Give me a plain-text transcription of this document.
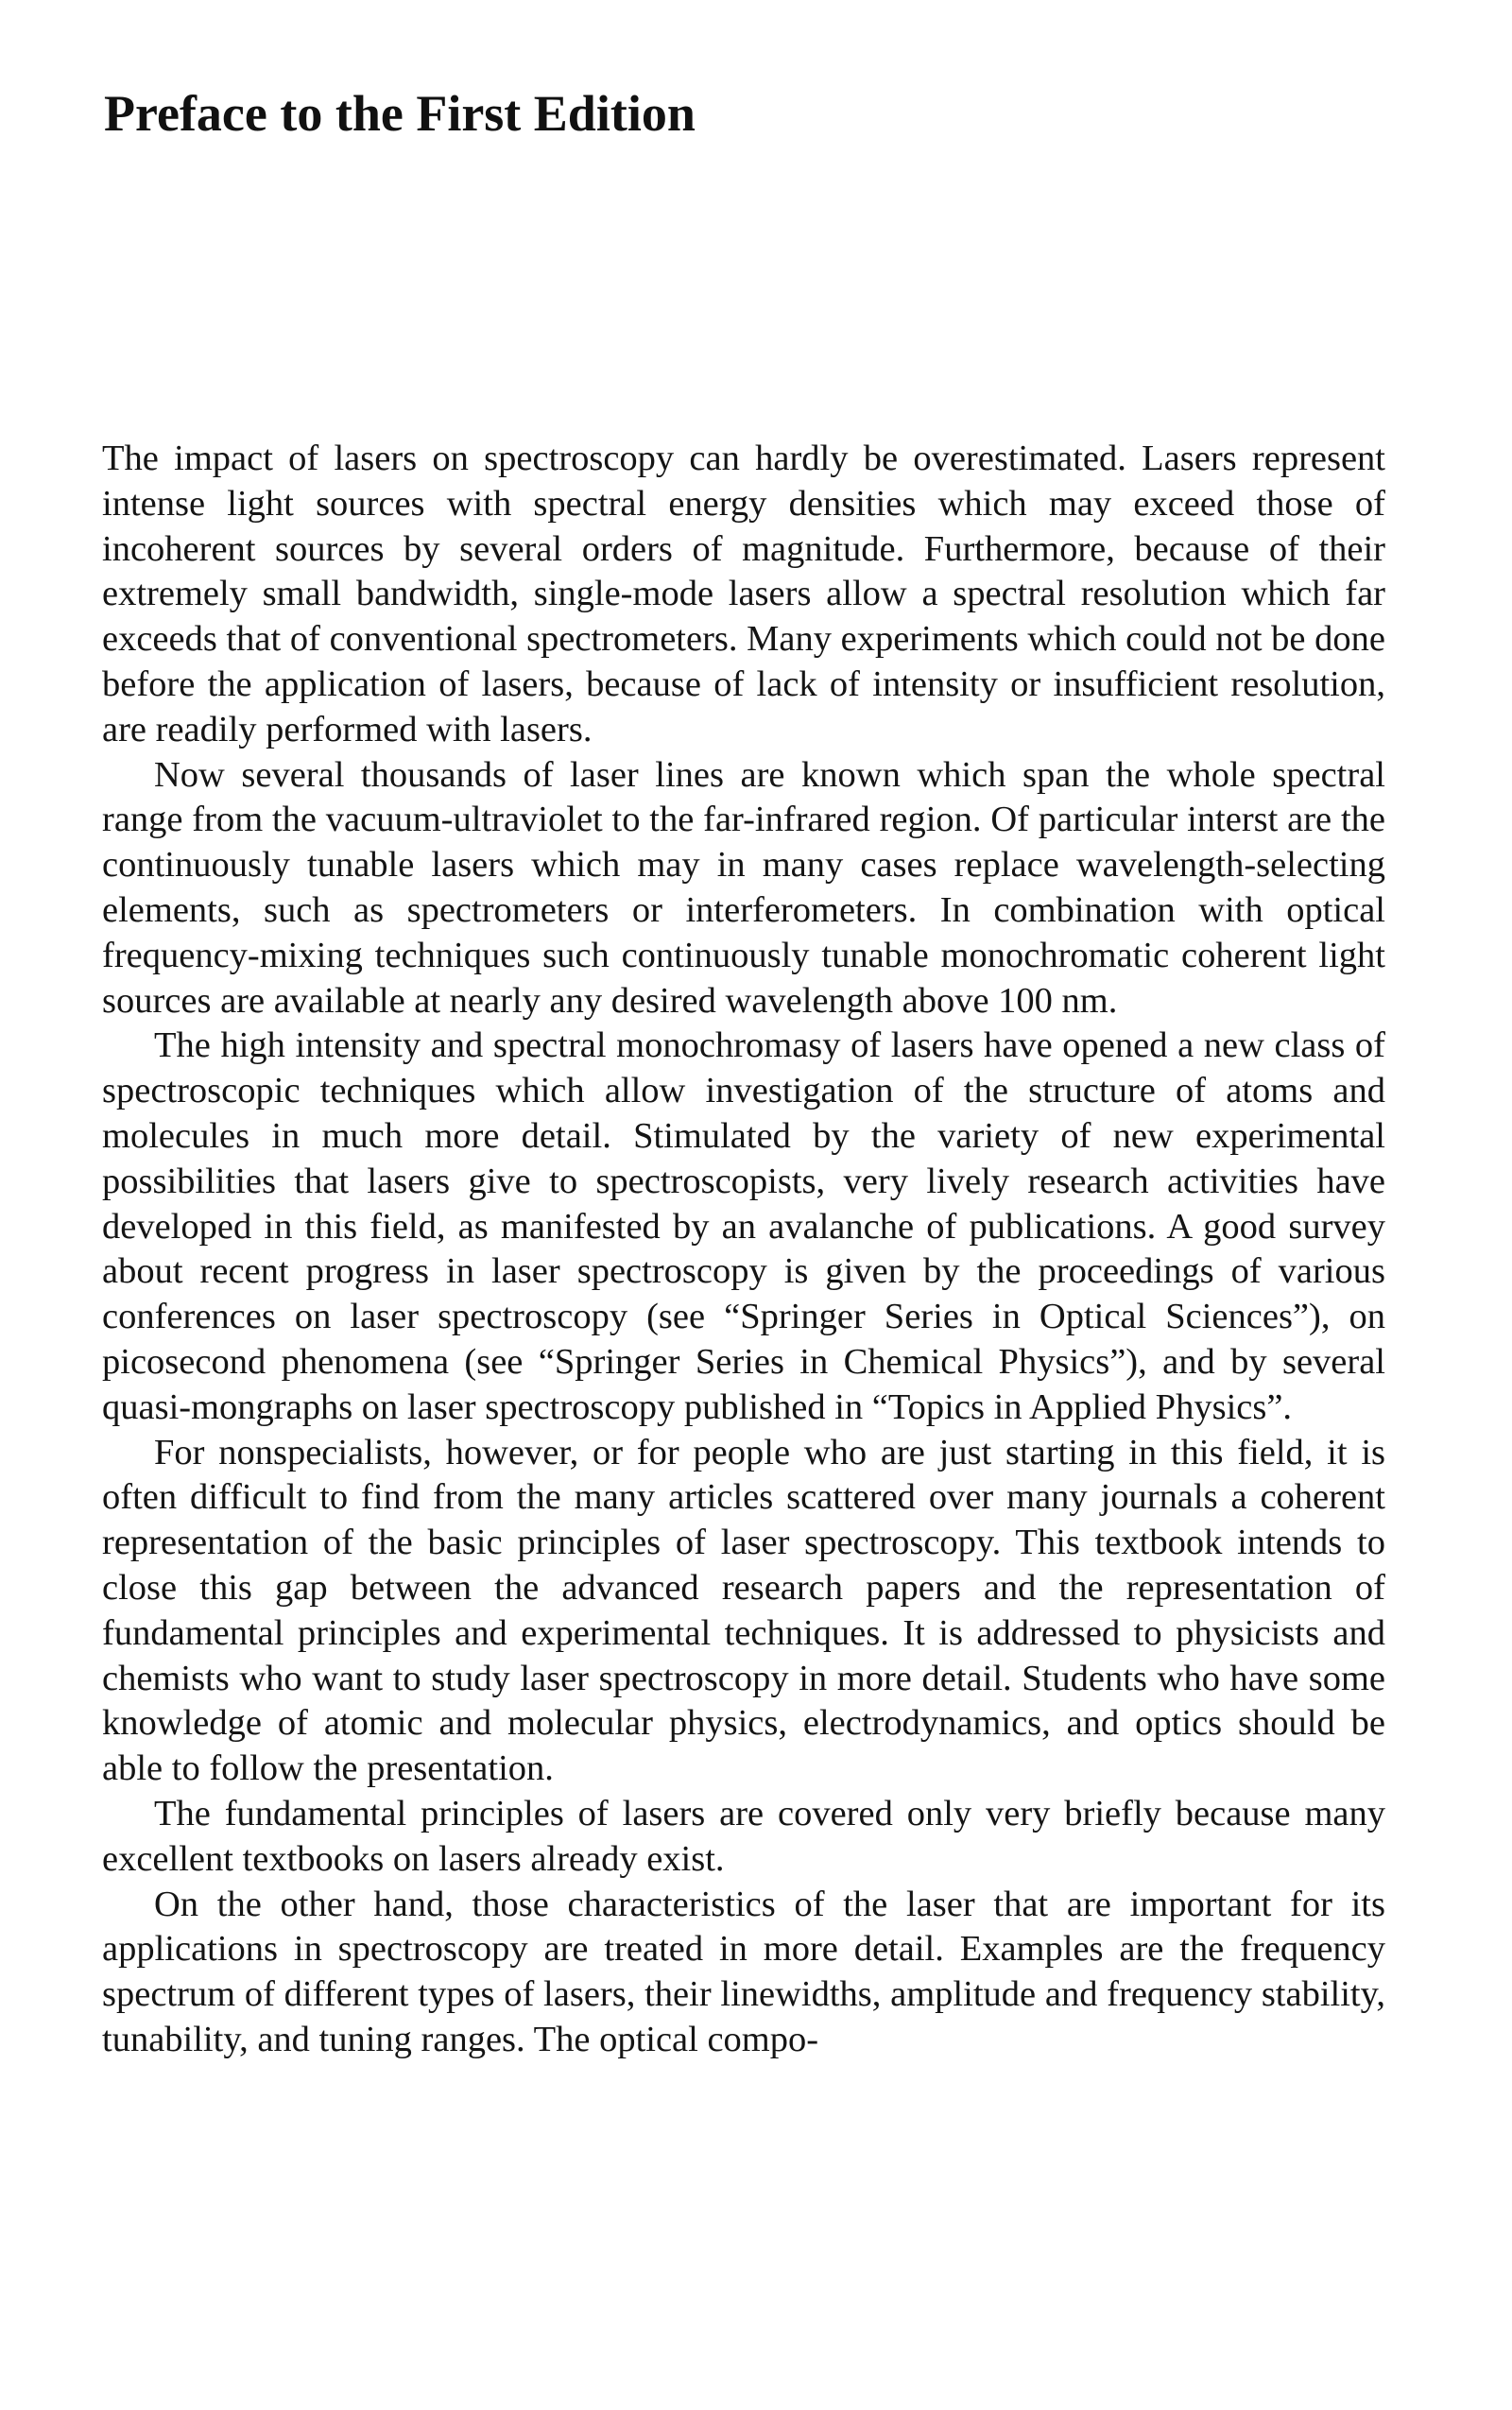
Preface to the First Edition

The impact of lasers on spectroscopy can hardly be overestimated. Lasers represent intense light sources with spectral energy densities which may exceed those of incoherent sources by several orders of magnitude. Furthermore, because of their extremely small bandwidth, single-mode lasers allow a spectral resolution which far exceeds that of conventional spectrometers. Many experiments which could not be done before the application of lasers, because of lack of intensity or insufficient resolution, are readily performed with lasers.

Now several thousands of laser lines are known which span the whole spectral range from the vacuum-ultraviolet to the far-infrared region. Of particular interst are the continuously tunable lasers which may in many cases replace wavelength-selecting elements, such as spectrometers or interferometers. In combination with optical frequency-mixing techniques such continuously tunable monochromatic coherent light sources are available at nearly any desired wavelength above 100 nm.

The high intensity and spectral monochromasy of lasers have opened a new class of spectroscopic techniques which allow investigation of the structure of atoms and molecules in much more detail. Stimulated by the variety of new experimental possibilities that lasers give to spectroscopists, very lively research activities have developed in this field, as manifested by an avalanche of publications. A good survey about recent progress in laser spectroscopy is given by the proceedings of various conferences on laser spectroscopy (see “Springer Series in Optical Sciences”), on picosecond phenomena (see “Springer Series in Chemical Physics”), and by several quasi-mongraphs on laser spectroscopy published in “Topics in Applied Physics”.

For nonspecialists, however, or for people who are just starting in this field, it is often difficult to find from the many articles scattered over many journals a coherent representation of the basic principles of laser spectroscopy. This textbook intends to close this gap between the advanced research papers and the representation of fundamental principles and experimental techniques. It is addressed to physicists and chemists who want to study laser spectroscopy in more detail. Students who have some knowledge of atomic and molecular physics, electrodynamics, and optics should be able to follow the presentation.

The fundamental principles of lasers are covered only very briefly because many excellent textbooks on lasers already exist.

On the other hand, those characteristics of the laser that are important for its applications in spectroscopy are treated in more detail. Examples are the frequency spectrum of different types of lasers, their linewidths, amplitude and frequency stability, tunability, and tuning ranges. The optical compo-
